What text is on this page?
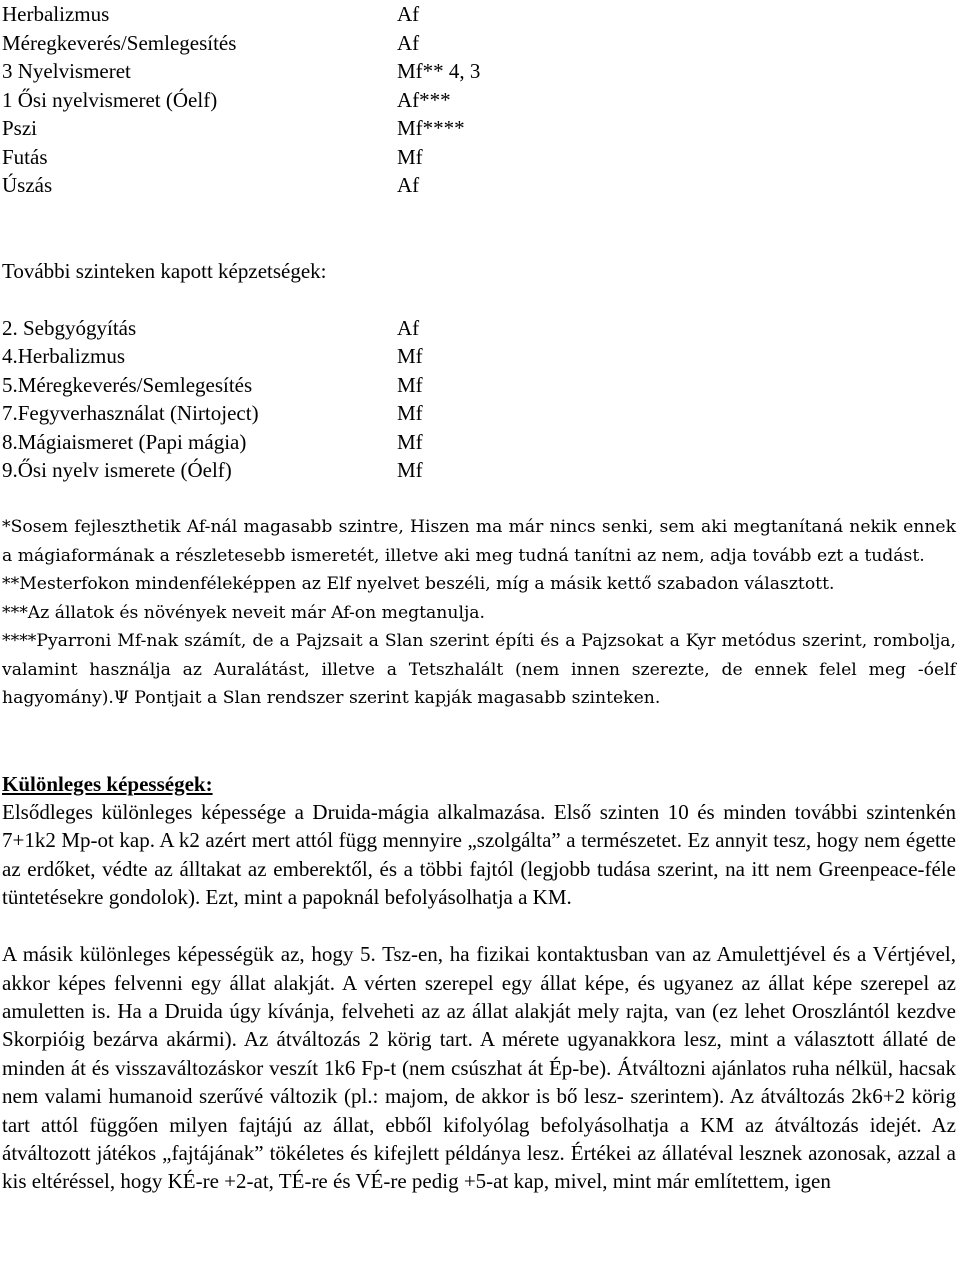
Herbalizmus	Af
Méregkeverés/Semlegesítés	Af
3 Nyelvismeret	Mf** 4, 3
1 Ősi nyelvismeret (Óelf)	Af***
Pszi	Mf****
Futás	Mf
Úszás	Af
További szinteken kapott képzetségek:
2. Sebgyógyítás	Af
4.Herbalizmus	Mf
5.Méregkeverés/Semlegesítés	Mf
7.Fegyverhasználat (Nirtoject)	Mf
8.Mágiaismeret (Papi mágia)	Mf
9.Ősi nyelv ismerete (Óelf)	Mf

*Sosem fejleszthetik Af-nál magasabb szintre, Hiszen ma már nincs senki, sem aki megtanítaná nekik ennek a mágiaformának a részletesebb ismeretét, illetve aki meg tudná tanítni az nem, adja tovább ezt a tudást.

**Mesterfokon mindenféleképpen az Elf nyelvet beszéli, míg a másik kettő szabadon választott.

***Az állatok és növények neveit már Af-on megtanulja.

****Pyarroni Mf-nak számít, de a Pajzsait a Slan szerint építi és a Pajzsokat a Kyr metódus szerint, rombolja, valamint használja az Auralátást, illetve a Tetszhalált (nem innen szerezte, de ennek felel meg -óelf hagyomány).Ψ Pontjait a Slan rendszer szerint kapják magasabb szinteken.

Különleges képességek:

Elsődleges különleges képessége a Druida-mágia alkalmazása. Első szinten 10 és minden további szintenkén 7+1k2 Mp-ot kap. A k2 azért mert attól függ mennyire „szolgálta” a természetet. Ez annyit tesz, hogy nem égette az erdőket, védte az álltakat az emberektől, és a többi fajtól (legjobb tudása szerint, na itt nem Greenpeace-féle tüntetésekre gondolok). Ezt, mint a papoknál befolyásolhatja a KM.

A másik különleges képességük az, hogy 5. Tsz-en, ha fizikai kontaktusban van az Amulettjével és a Vértjével, akkor képes felvenni egy állat alakját. A vérten szerepel egy állat képe, és ugyanez az állat képe szerepel az amuletten is. Ha a Druida úgy kívánja, felveheti az az állat alakját mely rajta, van (ez lehet Oroszlántól kezdve Skorpióig bezárva akármi). Az átváltozás 2 körig tart. A mérete ugyanakkora lesz, mint a választott állaté de minden át és visszaváltozáskor veszít 1k6 Fp-t (nem csúszhat át Ép-be). Átváltozni ajánlatos ruha nélkül, hacsak nem valami humanoid szerűvé változik (pl.: majom, de akkor is bő lesz- szerintem). Az átváltozás 2k6+2 körig tart attól függően milyen fajtájú az állat, ebből kifolyólag befolyásolhatja a KM az átváltozás idejét. Az átváltozott játékos „fajtájának” tökéletes és kifejlett példánya lesz. Értékei az állatéval lesznek azonosak, azzal a kis eltéréssel, hogy KÉ-re +2-at, TÉ-re és VÉ-re pedig +5-at kap, mivel, mint már említettem, igen
